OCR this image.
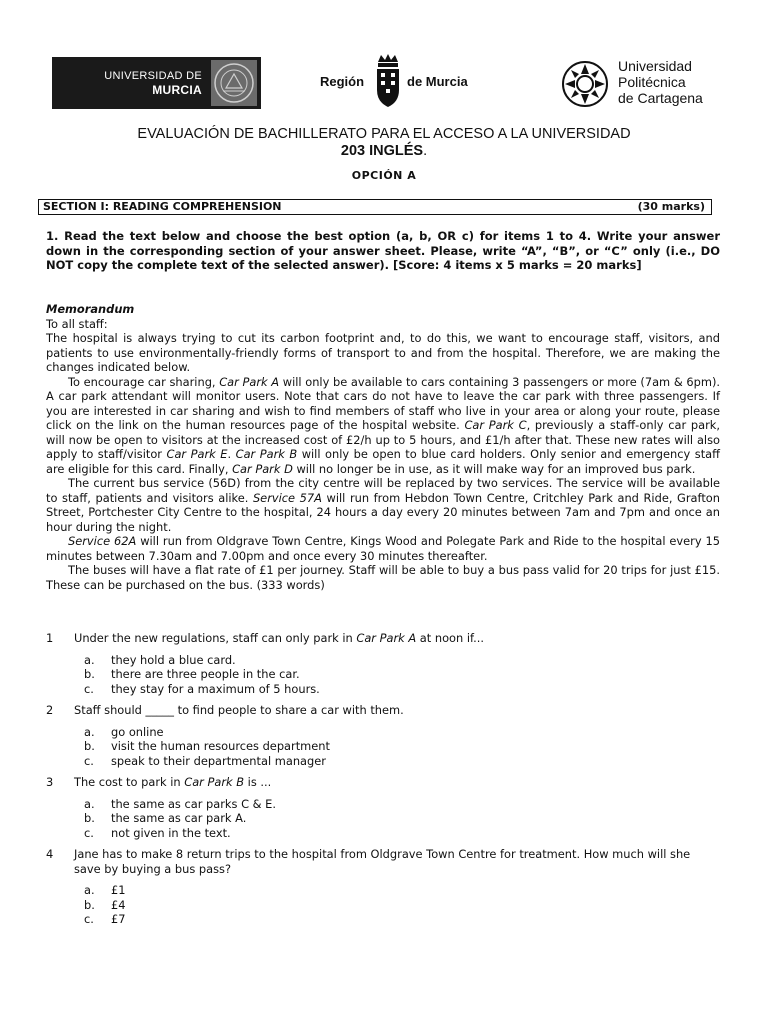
UNIVERSIDAD DE
MURCIA
Región	de Murcia
Universidad
Politécnica
de Cartagena
EVALUACIÓN DE BACHILLERATO PARA EL ACCESO A LA UNIVERSIDAD
203 INGLÉS.
OPCIÓN A
SECTION I: READING COMPREHENSION	(30 marks)
1. Read the text below and choose the best option (a, b, OR c) for items 1 to 4. Write your answer down in the corresponding section of your answer sheet. Please, write “A”, “B”, or “C” only (i.e., DO NOT copy the complete text of the selected answer). [Score: 4 items x 5 marks = 20 marks]

Memorandum

To all staff:

The hospital is always trying to cut its carbon footprint and, to do this, we want to encourage staff, visitors, and patients to use environmentally-friendly forms of transport to and from the hospital. Therefore, we are making the changes indicated below.

To encourage car sharing, Car Park A will only be available to cars containing 3 passengers or more (7am & 6pm). A car park attendant will monitor users. Note that cars do not have to leave the car park with three passengers. If you are interested in car sharing and wish to find members of staff who live in your area or along your route, please click on the link on the human resources page of the hospital website. Car Park C, previously a staff-only car park, will now be open to visitors at the increased cost of £2/h up to 5 hours, and £1/h after that. These new rates will also apply to staff/visitor Car Park E. Car Park B will only be open to blue card holders. Only senior and emergency staff are eligible for this card. Finally, Car Park D will no longer be in use, as it will make way for an improved bus park.

The current bus service (56D) from the city centre will be replaced by two services. The service will be available to staff, patients and visitors alike. Service 57A will run from Hebdon Town Centre, Critchley Park and Ride, Grafton Street, Portchester City Centre to the hospital, 24 hours a day every 20 minutes between 7am and 7pm and once an hour during the night.

Service 62A will run from Oldgrave Town Centre, Kings Wood and Polegate Park and Ride to the hospital every 15 minutes between 7.30am and 7.00pm and once every 30 minutes thereafter.

The buses will have a flat rate of £1 per journey. Staff will be able to buy a bus pass valid for 20 trips for just £15. These can be purchased on the bus. (333 words)

1	Under the new regulations, staff can only park in Car Park A at noon if...
a.	they hold a blue card.
b.	there are three people in the car.
c.	they stay for a maximum of 5 hours.
2	Staff should _____ to find people to share a car with them.
a.	go online
b.	visit the human resources department
c.	speak to their departmental manager
3	The cost to park in Car Park B is ...
a.	the same as car parks C & E.
b.	the same as car park A.
c.	not given in the text.
4	Jane has to make 8 return trips to the hospital from Oldgrave Town Centre for treatment. How much will she save by buying a bus pass?
a.	£1
b.	£4
c.	£7
